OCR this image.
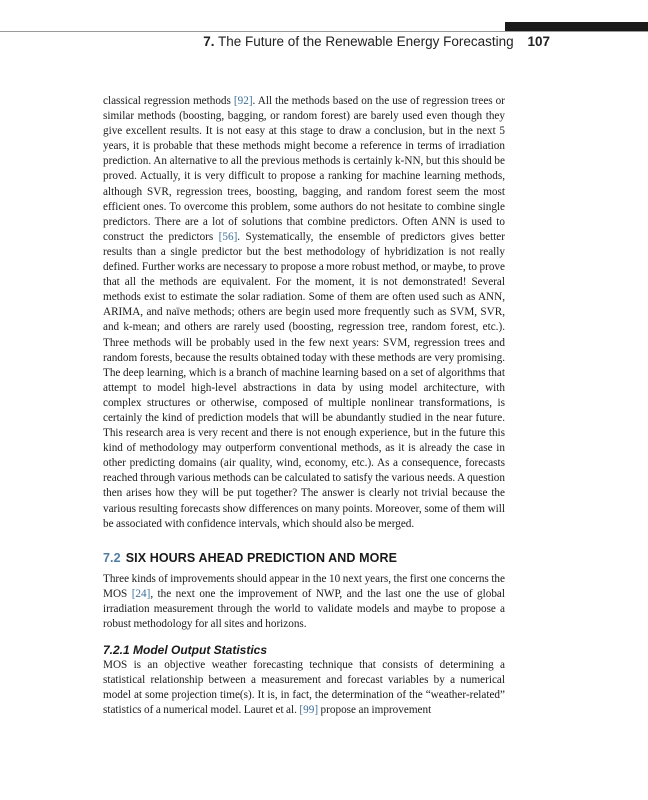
7. The Future of the Renewable Energy Forecasting 107

classical regression methods [92]. All the methods based on the use of regression trees or similar methods (boosting, bagging, or random forest) are barely used even though they give excellent results. It is not easy at this stage to draw a conclusion, but in the next 5 years, it is probable that these methods might become a reference in terms of irradiation prediction. An alternative to all the previous methods is certainly k-NN, but this should be proved. Actually, it is very difficult to propose a ranking for machine learning methods, although SVR, regression trees, boosting, bagging, and random forest seem the most efficient ones. To overcome this problem, some authors do not hesitate to combine single predictors. There are a lot of solutions that combine predictors. Often ANN is used to construct the predictors [56]. Systematically, the ensemble of predictors gives better results than a single predictor but the best methodology of hybridization is not really defined. Further works are necessary to propose a more robust method, or maybe, to prove that all the methods are equivalent. For the moment, it is not demonstrated! Several methods exist to estimate the solar radiation. Some of them are often used such as ANN, ARIMA, and naïve methods; others are begin used more frequently such as SVM, SVR, and k-mean; and others are rarely used (boosting, regression tree, random forest, etc.). Three methods will be probably used in the few next years: SVM, regression trees and random forests, because the results obtained today with these methods are very promising. The deep learning, which is a branch of machine learning based on a set of algorithms that attempt to model high-level abstractions in data by using model architecture, with complex structures or otherwise, composed of multiple nonlinear transformations, is certainly the kind of prediction models that will be abundantly studied in the near future. This research area is very recent and there is not enough experience, but in the future this kind of methodology may outperform conventional methods, as it is already the case in other predicting domains (air quality, wind, economy, etc.). As a consequence, forecasts reached through various methods can be calculated to satisfy the various needs. A question then arises how they will be put together? The answer is clearly not trivial because the various resulting forecasts show differences on many points. Moreover, some of them will be associated with confidence intervals, which should also be merged.

7.2 SIX HOURS AHEAD PREDICTION AND MORE

Three kinds of improvements should appear in the 10 next years, the first one concerns the MOS [24], the next one the improvement of NWP, and the last one the use of global irradiation measurement through the world to validate models and maybe to propose a robust methodology for all sites and horizons.

7.2.1 Model Output Statistics

MOS is an objective weather forecasting technique that consists of determining a statistical relationship between a measurement and forecast variables by a numerical model at some projection time(s). It is, in fact, the determination of the “weather-related” statistics of a numerical model. Lauret et al. [99] propose an improvement
